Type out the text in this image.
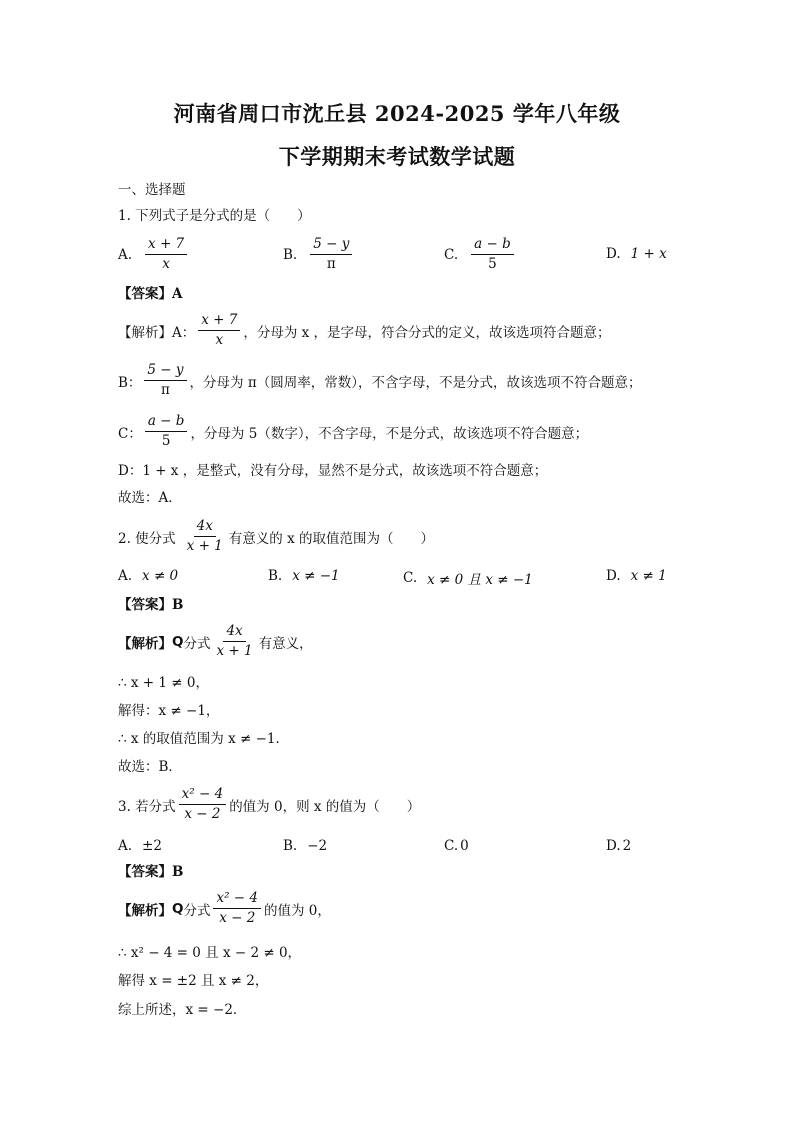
河南省周口市沈丘县 2024-2025 学年八年级
下学期期末考试数学试题
一、选择题
1. 下列式子是分式的是（　　）
A. $\frac{x + 7}{x}$	B. $\frac{5 - y}{\pi}$	C. $\frac{a - b}{5}$	D. 1 + x
【答案】A
【解析】A： $\frac{x + 7}{x}$ ，分母为 x ，是字母，符合分式的定义，故该选项符合题意；
B： $\frac{5 - y}{\pi}$ ，分母为 π（圆周率，常数），不含字母，不是分式，故该选项不符合题意；
C： $\frac{a - b}{5}$ ，分母为 5（数字），不含字母，不是分式，故该选项不符合题意；
D：1 + x ，是整式，没有分母，显然不是分式，故该选项不符合题意；
故选：A．
2. 使分式 $\frac{4x}{x + 1}$ 有意义的 x 的取值范围为（　　）
A. x ≠ 0	B. x ≠ −1	C. x ≠ 0 且 x ≠ −1	D. x ≠ 1
【答案】B
【解析】 Q 分式 $\frac{4x}{x + 1}$ 有意义，
∴ x + 1 ≠ 0，
解得：x ≠ −1，
∴ x 的取值范围为 x ≠ −1．
故选：B．
3. 若分式 $\frac{\text{x² − 4}}{x - 2}$ 的值为 0，则 x 的值为（　　）
A. ±2	B. −2	C. 0	D. 2
【答案】B
【解析】 Q 分式 $\frac{\text{x² − 4}}{x - 2}$ 的值为 0，
∴ x² − 4 = 0 且 x − 2 ≠ 0，
解得 x = ±2 且 x ≠ 2，
综上所述，x = −2．
